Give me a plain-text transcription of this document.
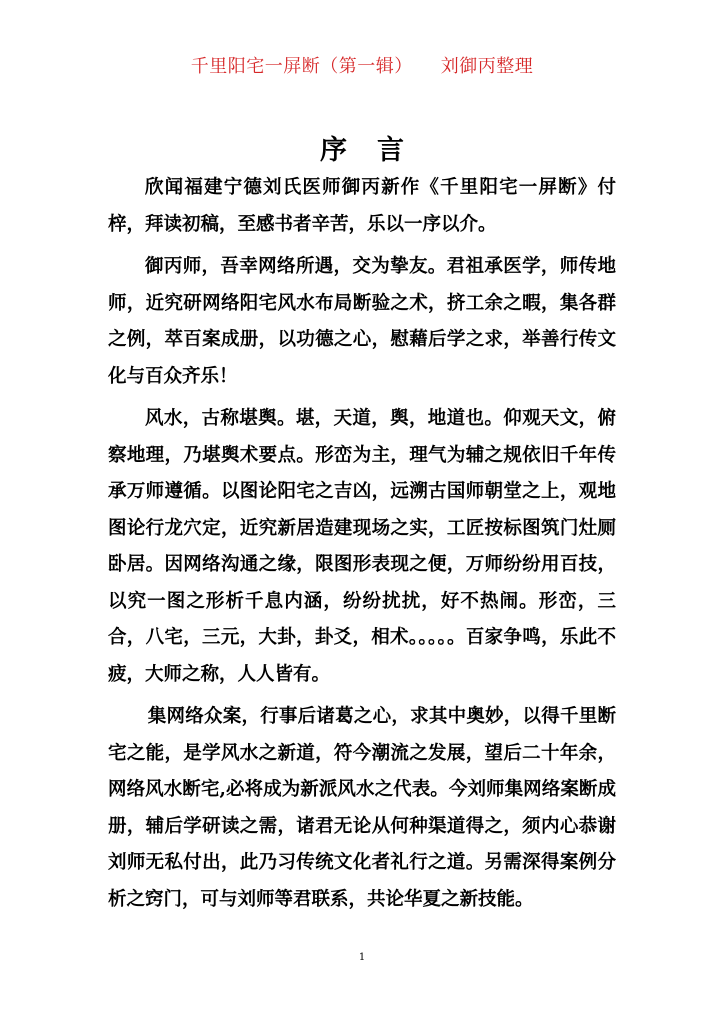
千里阳宅一屏断（第一辑） 刘御丙整理
序言

欣闻福建宁德刘氏医师御丙新作《千里阳宅一屏断》付梓，拜读初稿，至感书者辛苦，乐以一序以介。

御丙师，吾幸网络所遇，交为挚友。君祖承医学，师传地师，近究研网络阳宅风水布局断验之术，挤工余之暇，集各群之例，萃百案成册，以功德之心，慰藉后学之求，举善行传文化与百众齐乐！

风水，古称堪舆。堪，天道，舆，地道也。仰观天文，俯察地理，乃堪舆术要点。形峦为主，理气为辅之规依旧千年传承万师遵循。以图论阳宅之吉凶，远溯古国师朝堂之上，观地图论行龙穴定，近究新居造建现场之实，工匠按标图筑门灶厕卧居。因网络沟通之缘，限图形表现之便，万师纷纷用百技，以究一图之形析千息内涵，纷纷扰扰，好不热闹。形峦，三合，八宅，三元，大卦，卦爻，相术。。。。。百家争鸣，乐此不疲，大师之称，人人皆有。

集网络众案，行事后诸葛之心，求其中奥妙，以得千里断宅之能，是学风水之新道，符今潮流之发展，望后二十年余，网络风水断宅,必将成为新派风水之代表。今刘师集网络案断成册，辅后学研读之需，诸君无论从何种渠道得之，须内心恭谢刘师无私付出，此乃习传统文化者礼行之道。另需深得案例分析之窍门，可与刘师等君联系，共论华夏之新技能。

1
